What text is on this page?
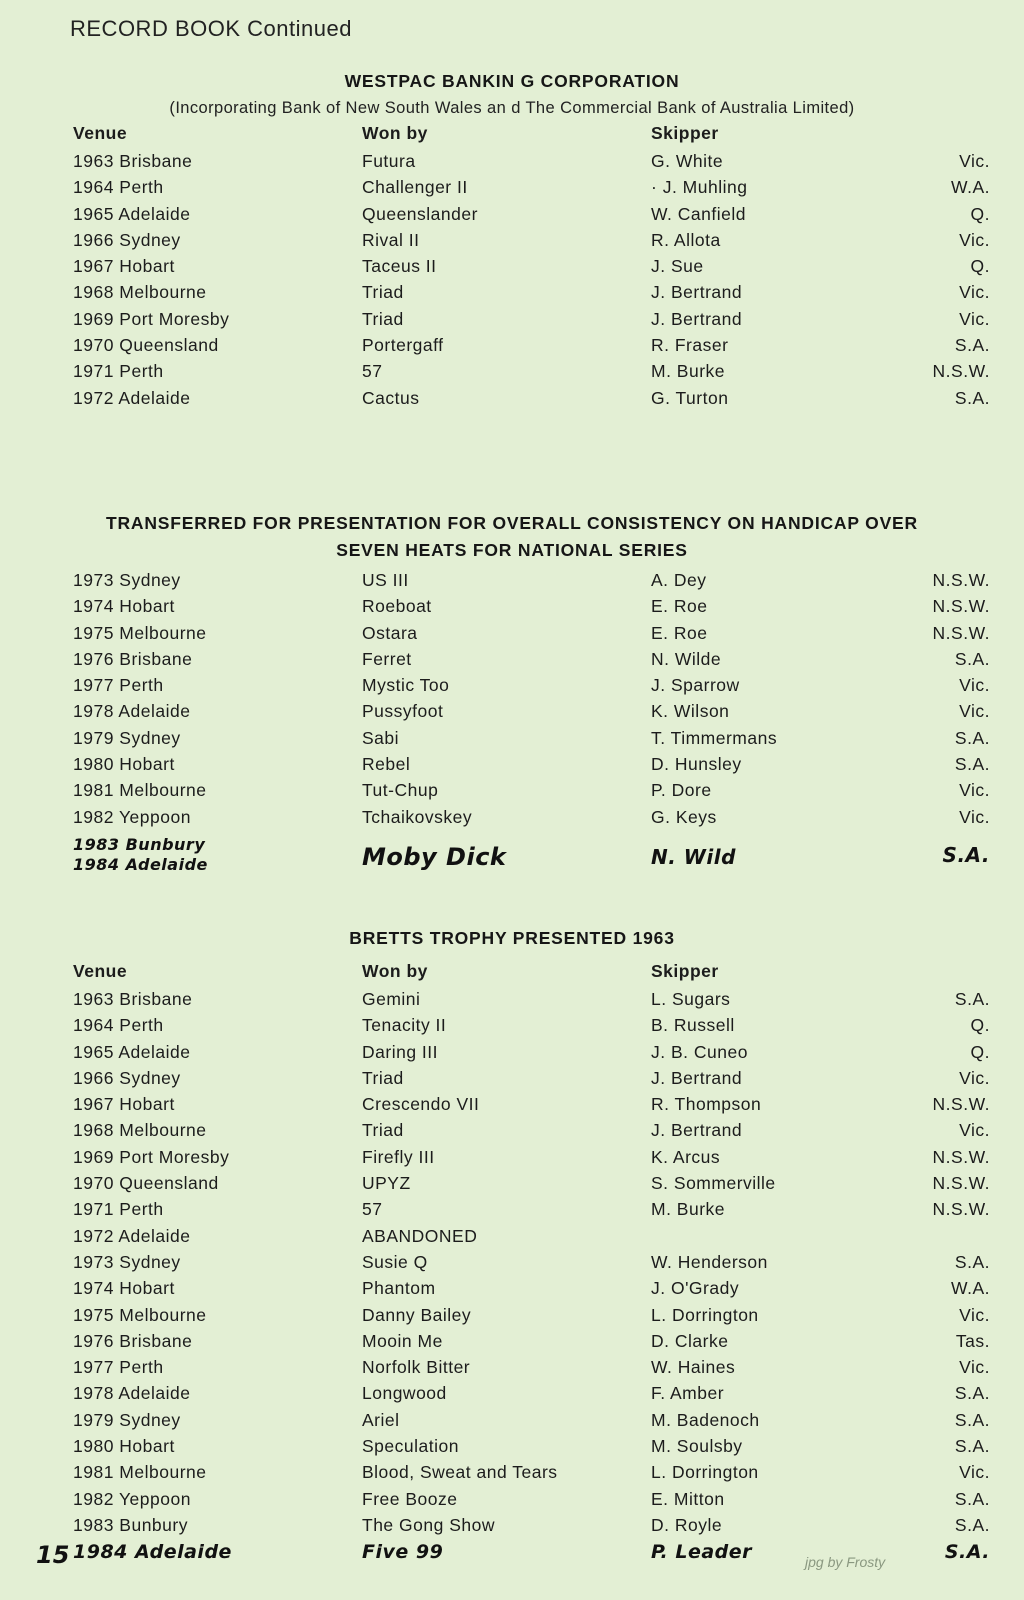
RECORD BOOK Continued
WESTPAC BANKIN G CORPORATION
(Incorporating Bank of New South Wales an d The Commercial Bank of Australia Limited)
Venue	Won by	Skipper
1963 Brisbane	Futura	G. White	Vic.
1964 Perth	Challenger II	· J. Muhling	W.A.
1965 Adelaide	Queenslander	W. Canfield	Q.
1966 Sydney	Rival II	R. Allota	Vic.
1967 Hobart	Taceus II	J. Sue	Q.
1968 Melbourne	Triad	J. Bertrand	Vic.
1969 Port Moresby	Triad	J. Bertrand	Vic.
1970 Queensland	Portergaff	R. Fraser	S.A.
1971 Perth	57	M. Burke	N.S.W.
1972 Adelaide	Cactus	G. Turton	S.A.
TRANSFERRED FOR PRESENTATION FOR OVERALL CONSISTENCY ON HANDICAP OVER
SEVEN HEATS FOR NATIONAL SERIES
1973 Sydney	US III	A. Dey	N.S.W.
1974 Hobart	Roeboat	E. Roe	N.S.W.
1975 Melbourne	Ostara	E. Roe	N.S.W.
1976 Brisbane	Ferret	N. Wilde	S.A.
1977 Perth	Mystic Too	J. Sparrow	Vic.
1978 Adelaide	Pussyfoot	K. Wilson	Vic.
1979 Sydney	Sabi	T. Timmermans	S.A.
1980 Hobart	Rebel	D. Hunsley	S.A.
1981 Melbourne	Tut-Chup	P. Dore	Vic.
1982 Yeppoon	Tchaikovskey	G. Keys	Vic.
1983 Bunbury
1984 Adelaide	Moby Dick	N. Wild	S.A.
BRETTS TROPHY PRESENTED 1963
Venue	Won by	Skipper
1963 Brisbane	Gemini	L. Sugars	S.A.
1964 Perth	Tenacity II	B. Russell	Q.
1965 Adelaide	Daring III	J. B. Cuneo	Q.
1966 Sydney	Triad	J. Bertrand	Vic.
1967 Hobart	Crescendo VII	R. Thompson	N.S.W.
1968 Melbourne	Triad	J. Bertrand	Vic.
1969 Port Moresby	Firefly III	K. Arcus	N.S.W.
1970 Queensland	UPYZ	S. Sommerville	N.S.W.
1971 Perth	57	M. Burke	N.S.W.
1972 Adelaide	ABANDONED
1973 Sydney	Susie Q	W. Henderson	S.A.
1974 Hobart	Phantom	J. O'Grady	W.A.
1975 Melbourne	Danny Bailey	L. Dorrington	Vic.
1976 Brisbane	Mooin Me	D. Clarke	Tas.
1977 Perth	Norfolk Bitter	W. Haines	Vic.
1978 Adelaide	Longwood	F. Amber	S.A.
1979 Sydney	Ariel	M. Badenoch	S.A.
1980 Hobart	Speculation	M. Soulsby	S.A.
1981 Melbourne	Blood, Sweat and Tears	L. Dorrington	Vic.
1982 Yeppoon	Free Booze	E. Mitton	S.A.
1983 Bunbury	The Gong Show	D. Royle	S.A.
1984 Adelaide	Five 99	P. Leader	S.A.
15	jpg by Frosty
